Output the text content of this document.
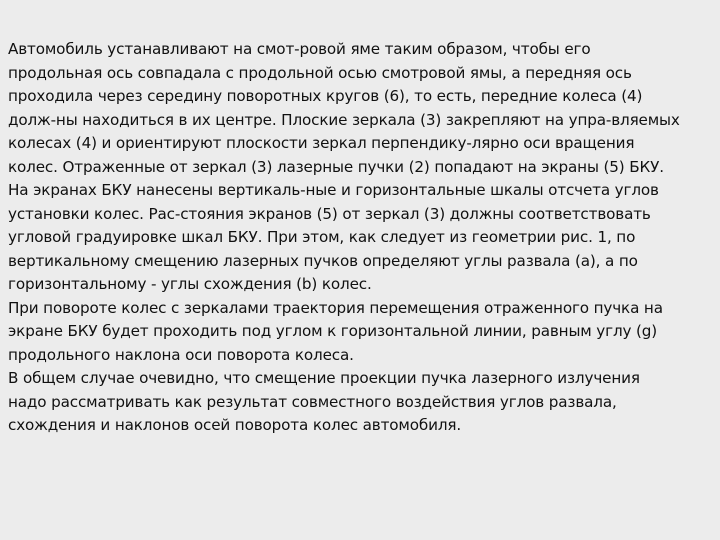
Автомобиль устанавливают на смот-ровой яме таким образом, чтобы его
продольная ось совпадала с продольной осью смотровой ямы, а передняя ось
проходила через середину поворотных кругов (6), то есть, передние колеса (4)
долж-ны находиться в их центре. Плоские зеркала (3) закрепляют на упра-вляемых
колесах (4) и ориентируют плоскости зеркал перпендику-лярно оси вращения
колес. Отраженные от зеркал (3) лазерные пучки (2) попадают на экраны (5) БКУ.
На экранах БКУ нанесены вертикаль-ные и горизонтальные шкалы отсчета углов
установки колес. Рас-стояния экранов (5) от зеркал (3) должны соответствовать
угловой градуировке шкал БКУ. При этом, как следует из геометрии рис. 1, по
вертикальному смещению лазерных пучков определяют углы развала (a), а по
горизонтальному - углы схождения (b) колес.
При повороте колес с зеркалами траектория перемещения отраженного пучка на
экране БКУ будет проходить под углом к горизонтальной линии, равным углу (g)
продольного наклона оси поворота колеса.
В общем случае очевидно, что смещение проекции пучка лазерного излучения
надо рассматривать как результат совместного воздействия углов развала,
схождения и наклонов осей поворота колес автомобиля.
